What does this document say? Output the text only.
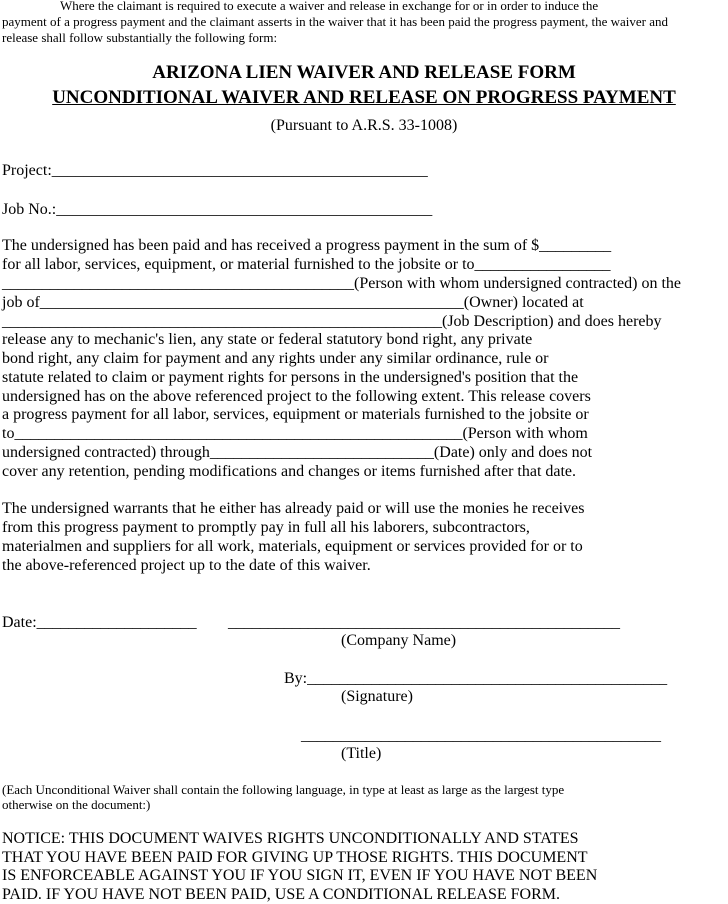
Where the claimant is required to execute a waiver and release in exchange for or in order to induce the
payment of a progress payment and the claimant asserts in the waiver that it has been paid the progress payment, the waiver and
release shall follow substantially the following form:
ARIZONA LIEN WAIVER AND RELEASE FORM
UNCONDITIONAL WAIVER AND RELEASE ON PROGRESS PAYMENT
(Pursuant to A.R.S. 33-1008)
Project:_______________________________________________
Job No.:_______________________________________________
The undersigned has been paid and has received a progress payment in the sum of $_________
for all labor, services, equipment, or material furnished to the jobsite or to_________________
____________________________________________(Person with whom undersigned contracted) on the
job of_____________________________________________________(Owner) located at
_______________________________________________________(Job Description) and does hereby
release any to mechanic's lien, any state or federal statutory bond right, any private
bond right, any claim for payment and any rights under any similar ordinance, rule or
statute related to claim or payment rights for persons in the undersigned's position that the
undersigned has on the above referenced project to the following extent. This release covers
a progress payment for all labor, services, equipment or materials furnished to the jobsite or
to________________________________________________________(Person with whom
undersigned contracted) through____________________________(Date) only and does not
cover any retention, pending modifications and changes or items furnished after that date.
The undersigned warrants that he either has already paid or will use the monies he receives
from this progress payment to promptly pay in full all his laborers, subcontractors,
materialmen and suppliers for all work, materials, equipment or services provided for or to
the above-referenced project up to the date of this waiver.
Date:____________________ _________________________________________________
(Company Name)
By:_____________________________________________
(Signature)
_____________________________________________
(Title)
(Each Unconditional Waiver shall contain the following language, in type at least as large as the largest type
otherwise on the document:)
NOTICE: THIS DOCUMENT WAIVES RIGHTS UNCONDITIONALLY AND STATES
THAT YOU HAVE BEEN PAID FOR GIVING UP THOSE RIGHTS. THIS DOCUMENT
IS ENFORCEABLE AGAINST YOU IF YOU SIGN IT, EVEN IF YOU HAVE NOT BEEN
PAID. IF YOU HAVE NOT BEEN PAID, USE A CONDITIONAL RELEASE FORM.
